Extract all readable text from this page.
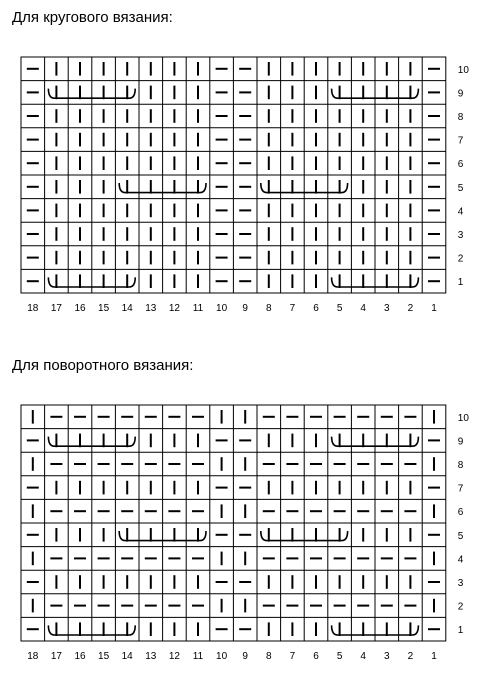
Для кругового вязания:
10
9
8
7
6
5
4
3
2
1
18 17 16 15 14 13 12 11 10 9 8 7 6 5 4 3 2 1
Для поворотного вязания:
10
9
8
7
6
5
4
3
2
1
18 17 16 15 14 13 12 11 10 9 8 7 6 5 4 3 2 1
